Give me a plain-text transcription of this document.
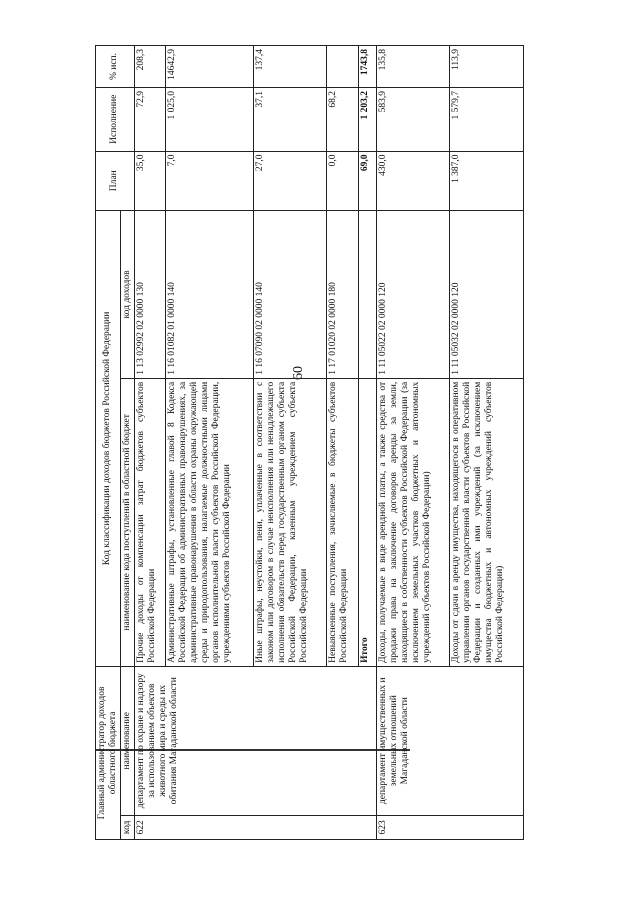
60
Главный администратор доходов областного бюджета		Код классификации доходов бюджетов Российской Федерации		План	Исполнение	% исп.
код	наименование	наименование кода поступлений в областной бюджет	код доходов			
622	департамент по охране и надзору за использованием объектов животного мира и среды их обитания Магаданской области	Прочие доходы от компенсации затрат бюджетов субъектов Российской Федерации	1 13 02992 02 0000 130	35,0	72,9	208,3
		Административные штрафы, установленные главой 8 Кодекса Российской Федерации об административных правонарушениях, за административные правонарушения в области охраны окружающей среды и природопользования, налагаемые должностными лицами органов исполнительной власти субъектов Российской Федерации, учреждениями субъектов Российской Федерации	1 16 01082 01 0000 140	7,0	1 025,0	14642,9
		Иные штрафы, неустойки, пени, уплаченные в соответствии с законом или договором в случае неисполнения или ненадлежащего исполнения обязательств перед государственным органом субъекта Российской Федерации, казенным учреждением субъекта Российской Федерации	1 16 07090 02 0000 140	27,0	37,1	137,4
		Невыясненные поступления, зачисляемые в бюджеты субъектов Российской Федерации	1 17 01020 02 0000 180	0,0	68,2	
		Итого		69,0	1 203,2	1743,8
623	департамент имущественных и земельных отношений Магаданской области	Доходы, получаемые в виде арендной платы, а также средства от продажи права на заключение договоров аренды за земли, находящиеся в собственности субъектов Российской Федерации (за исключением земельных участков бюджетных и автономных учреждений субъектов Российской Федерации)	1 11 05022 02 0000 120	430,0	583,9	135,8
		Доходы от сдачи в аренду имущества, находящегося в оперативном управлении органов государственной власти субъектов Российской Федерации и созданных ими учреждений (за исключением имущества бюджетных и автономных учреждений субъектов Российской Федерации)	1 11 05032 02 0000 120	1 387,0	1 579,7	113,9
